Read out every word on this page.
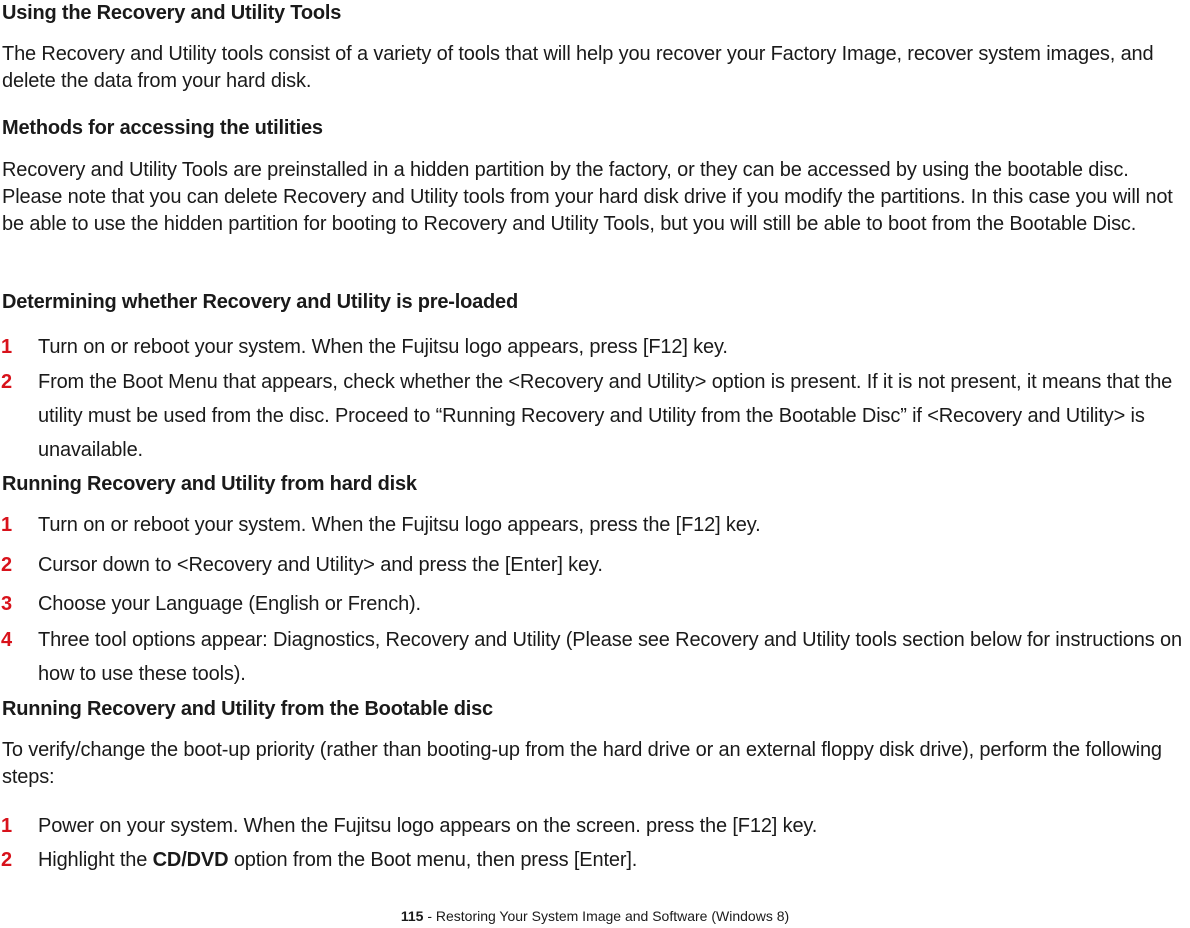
Using the Recovery and Utility Tools
The Recovery and Utility tools consist of a variety of tools that will help you recover your Factory Image, recover system images, and delete the data from your hard disk.
Methods for accessing the utilities
Recovery and Utility Tools are preinstalled in a hidden partition by the factory, or they can be accessed by using the bootable disc. Please note that you can delete Recovery and Utility tools from your hard disk drive if you modify the partitions. In this case you will not be able to use the hidden partition for booting to Recovery and Utility Tools, but you will still be able to boot from the Bootable Disc.
Determining whether Recovery and Utility is pre-loaded
1 Turn on or reboot your system. When the Fujitsu logo appears, press [F12] key.
2 From the Boot Menu that appears, check whether the <Recovery and Utility> option is present. If it is not present, it means that the utility must be used from the disc. Proceed to “Running Recovery and Utility from the Bootable Disc” if <Recovery and Utility> is unavailable.
Running Recovery and Utility from hard disk
1 Turn on or reboot your system. When the Fujitsu logo appears, press the [F12] key.
2 Cursor down to <Recovery and Utility> and press the [Enter] key.
3 Choose your Language (English or French).
4 Three tool options appear: Diagnostics, Recovery and Utility (Please see Recovery and Utility tools section below for instructions on how to use these tools).
Running Recovery and Utility from the Bootable disc
To verify/change the boot-up priority (rather than booting-up from the hard drive or an external floppy disk drive), perform the following steps:
1 Power on your system. When the Fujitsu logo appears on the screen. press the [F12] key.
2 Highlight the CD/DVD option from the Boot menu, then press [Enter].
115 - Restoring Your System Image and Software (Windows 8)
